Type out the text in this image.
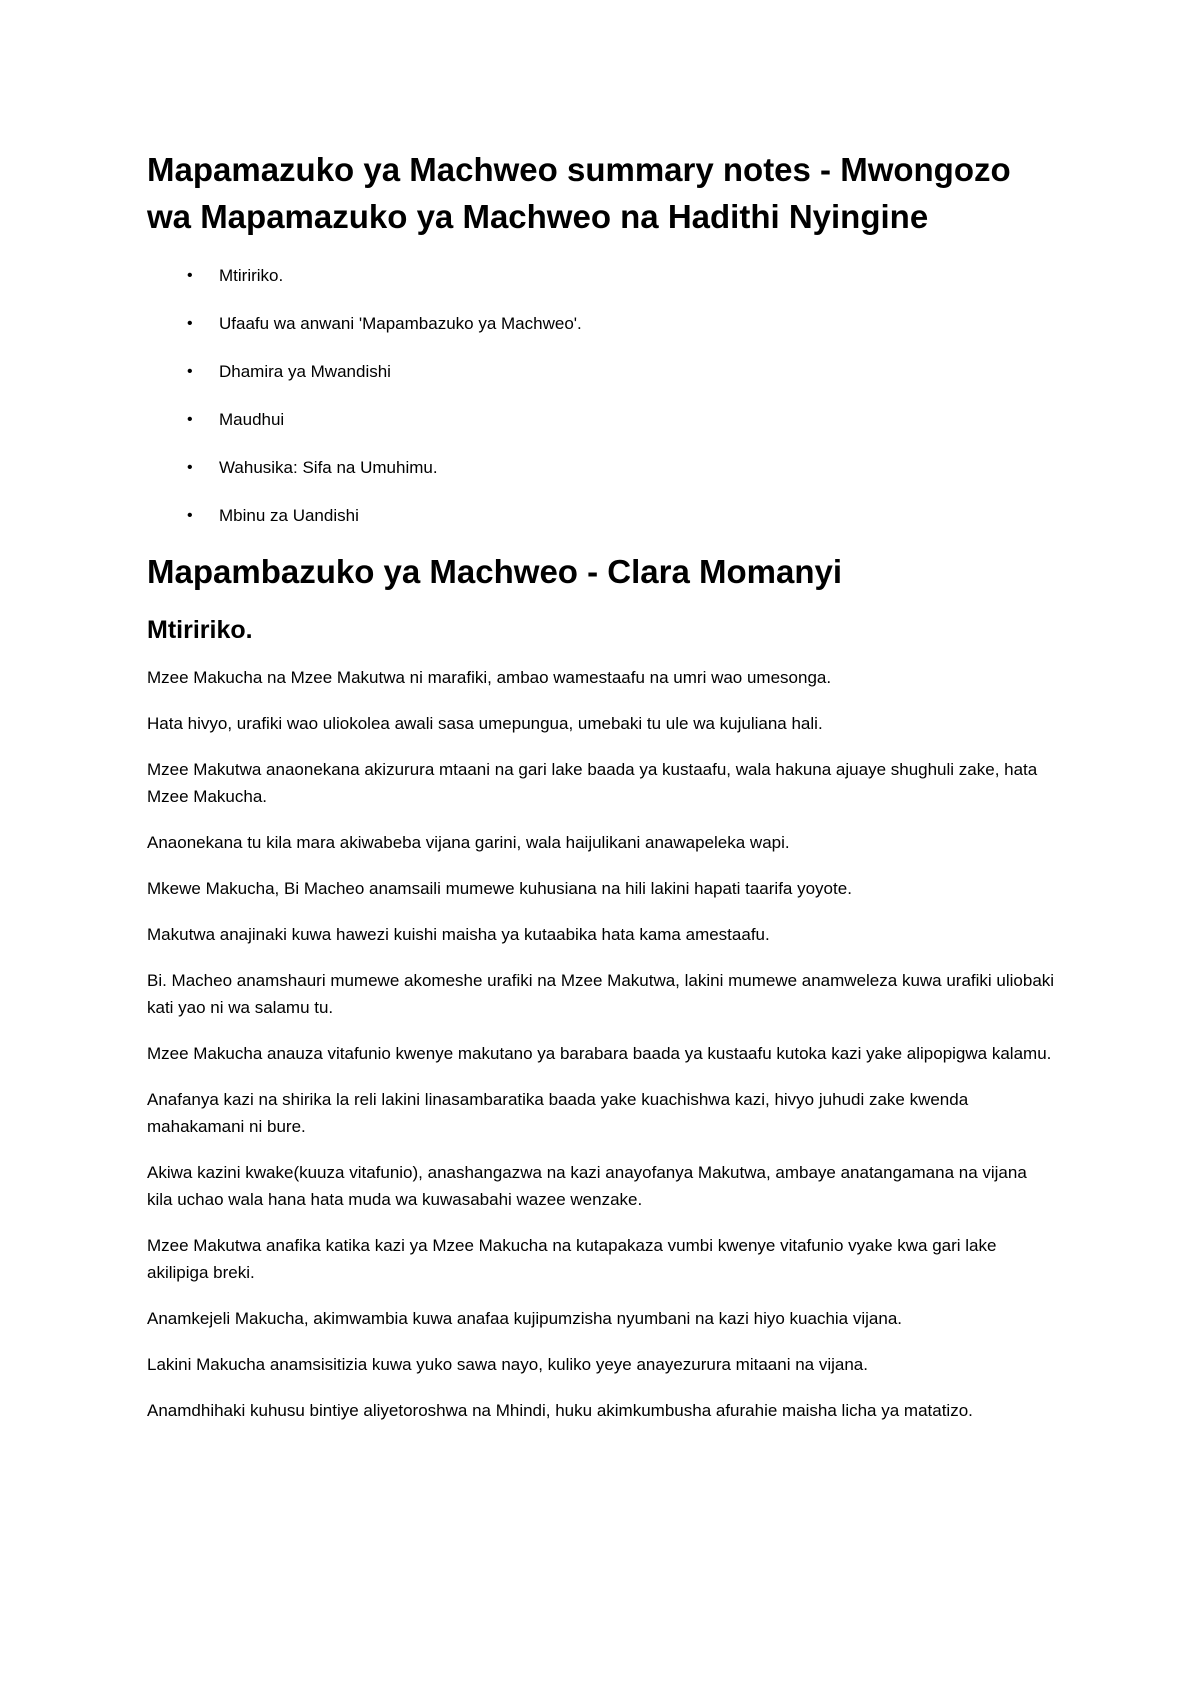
Mapamazuko ya Machweo summary notes - Mwongozo wa Mapamazuko ya Machweo na Hadithi Nyingine
• Mtiririko.
• Ufaafu wa anwani 'Mapambazuko ya Machweo'.
• Dhamira ya Mwandishi
• Maudhui
• Wahusika: Sifa na Umuhimu.
• Mbinu za Uandishi
Mapambazuko ya Machweo - Clara Momanyi
Mtiririko.

Mzee Makucha na Mzee Makutwa ni marafiki, ambao wamestaafu na umri wao umesonga.

Hata hivyo, urafiki wao uliokolea awali sasa umepungua, umebaki tu ule wa kujuliana hali.

Mzee Makutwa anaonekana akizurura mtaani na gari lake baada ya kustaafu, wala hakuna ajuaye shughuli zake, hata Mzee Makucha.

Anaonekana tu kila mara akiwabeba vijana garini, wala haijulikani anawapeleka wapi.

Mkewe Makucha, Bi Macheo anamsaili mumewe kuhusiana na hili lakini hapati taarifa yoyote.

Makutwa anajinaki kuwa hawezi kuishi maisha ya kutaabika hata kama amestaafu.

Bi. Macheo anamshauri mumewe akomeshe urafiki na Mzee Makutwa, lakini mumewe anamweleza kuwa urafiki uliobaki kati yao ni wa salamu tu.

Mzee Makucha anauza vitafunio kwenye makutano ya barabara baada ya kustaafu kutoka kazi yake alipopigwa kalamu.

Anafanya kazi na shirika la reli lakini linasambaratika baada yake kuachishwa kazi, hivyo juhudi zake kwenda mahakamani ni bure.

Akiwa kazini kwake(kuuza vitafunio), anashangazwa na kazi anayofanya Makutwa, ambaye anatangamana na vijana kila uchao wala hana hata muda wa kuwasabahi wazee wenzake.

Mzee Makutwa anafika katika kazi ya Mzee Makucha na kutapakaza vumbi kwenye vitafunio vyake kwa gari lake akilipiga breki.

Anamkejeli Makucha, akimwambia kuwa anafaa kujipumzisha nyumbani na kazi hiyo kuachia vijana.

Lakini Makucha anamsisitizia kuwa yuko sawa nayo, kuliko yeye anayezurura mitaani na vijana.

Anamdhihaki kuhusu bintiye aliyetoroshwa na Mhindi, huku akimkumbusha afurahie maisha licha ya matatizo.
